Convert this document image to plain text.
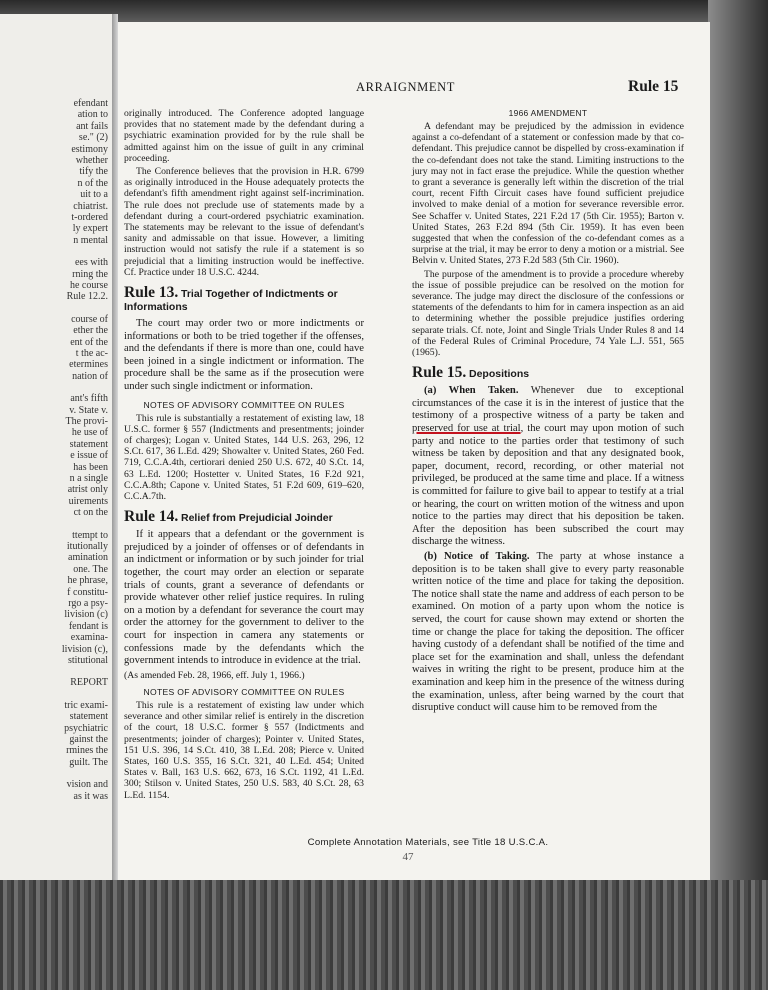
efendant
ation to
ant fails
se." (2)
estimony
whether
tify the
n of the
uit to a
chiatrist.
t-ordered
ly expert
n mental
ees with
rning the
he course
Rule 12.2.
course of
ether the
ent of the
t the ac-
etermines
nation of
ant's fifth
v. State v.
The provi-
he use of
statement
e issue of
has been
n a single
atrist only
uirements
ct on the
ttempt to
itutionally
amination
one. The
he phrase,
f constitu-
rgo a psy-
livision (c)
fendant is
examina-
livision (c),
stitutional
REPORT
tric exami-
statement
psychiatric
gainst the
rmines the
guilt. The
vision and
as it was
ARRAIGNMENT	Rule 15

originally introduced. The Conference adopted language provides that no statement made by the defendant during a psychiatric examination provided for by the rule shall be admitted against him on the issue of guilt in any criminal proceeding.

The Conference believes that the provision in H.R. 6799 as originally introduced in the House adequately protects the defendant's fifth amendment right against self-incrimination. The rule does not preclude use of statements made by a defendant during a court-ordered psychiatric examination. The statements may be relevant to the issue of defendant's sanity and admissable on that issue. However, a limiting instruction would not satisfy the rule if a statement is so prejudicial that a limiting instruction would be ineffective. Cf. Practice under 18 U.S.C. 4244.

Rule 13. Trial Together of Indictments or Informations

The court may order two or more indictments or informations or both to be tried together if the offenses, and the defendants if there is more than one, could have been joined in a single indictment or information. The procedure shall be the same as if the prosecution were under such single indictment or information.

NOTES OF ADVISORY COMMITTEE ON RULES

This rule is substantially a restatement of existing law, 18 U.S.C. former § 557 (Indictments and presentments; joinder of charges); Logan v. United States, 144 U.S. 263, 296, 12 S.Ct. 617, 36 L.Ed. 429; Showalter v. United States, 260 Fed. 719, C.C.A.4th, certiorari denied 250 U.S. 672, 40 S.Ct. 14, 63 L.Ed. 1200; Hostetter v. United States, 16 F.2d 921, C.C.A.8th; Capone v. United States, 51 F.2d 609, 619–620, C.C.A.7th.

Rule 14. Relief from Prejudicial Joinder

If it appears that a defendant or the government is prejudiced by a joinder of offenses or of defendants in an indictment or information or by such joinder for trial together, the court may order an election or separate trials of counts, grant a severance of defendants or provide whatever other relief justice requires. In ruling on a motion by a defendant for severance the court may order the attorney for the government to deliver to the court for inspection in camera any statements or confessions made by the defendants which the government intends to introduce in evidence at the trial.

(As amended Feb. 28, 1966, eff. July 1, 1966.)

NOTES OF ADVISORY COMMITTEE ON RULES

This rule is a restatement of existing law under which severance and other similar relief is entirely in the discretion of the court, 18 U.S.C. former § 557 (Indictments and presentments; joinder of charges); Pointer v. United States, 151 U.S. 396, 14 S.Ct. 410, 38 L.Ed. 208; Pierce v. United States, 160 U.S. 355, 16 S.Ct. 321, 40 L.Ed. 454; United States v. Ball, 163 U.S. 662, 673, 16 S.Ct. 1192, 41 L.Ed. 300; Stilson v. United States, 250 U.S. 583, 40 S.Ct. 28, 63 L.Ed. 1154.

1966 AMENDMENT

A defendant may be prejudiced by the admission in evidence against a co-defendant of a statement or confession made by that co-defendant. This prejudice cannot be dispelled by cross-examination if the co-defendant does not take the stand. Limiting instructions to the jury may not in fact erase the prejudice. While the question whether to grant a severance is generally left within the discretion of the trial court, recent Fifth Circuit cases have found sufficient prejudice involved to make denial of a motion for severance reversible error. See Schaffer v. United States, 221 F.2d 17 (5th Cir. 1955); Barton v. United States, 263 F.2d 894 (5th Cir. 1959). It has even been suggested that when the confession of the co-defendant comes as a surprise at the trial, it may be error to deny a motion or a mistrial. See Belvin v. United States, 273 F.2d 583 (5th Cir. 1960).

The purpose of the amendment is to provide a procedure whereby the issue of possible prejudice can be resolved on the motion for severance. The judge may direct the disclosure of the confessions or statements of the defendants to him for in camera inspection as an aid to determining whether the possible prejudice justifies ordering separate trials. Cf. note, Joint and Single Trials Under Rules 8 and 14 of the Federal Rules of Criminal Procedure, 74 Yale L.J. 551, 565 (1965).

Rule 15. Depositions

(a) When Taken. Whenever due to exceptional circumstances of the case it is in the interest of justice that the testimony of a prospective witness of a party be taken and preserved for use at trial, the court may upon motion of such party and notice to the parties order that testimony of such witness be taken by deposition and that any designated book, paper, document, record, recording, or other material not privileged, be produced at the same time and place. If a witness is committed for failure to give bail to appear to testify at a trial or hearing, the court on written motion of the witness and upon notice to the parties may direct that his deposition be taken. After the deposition has been subscribed the court may discharge the witness.

(b) Notice of Taking. The party at whose instance a deposition is to be taken shall give to every party reasonable written notice of the time and place for taking the deposition. The notice shall state the name and address of each person to be examined. On motion of a party upon whom the notice is served, the court for cause shown may extend or shorten the time or change the place for taking the deposition. The officer having custody of a defendant shall be notified of the time and place set for the examination and shall, unless the defendant waives in writing the right to be present, produce him at the examination and keep him in the presence of the witness during the examination, unless, after being warned by the court that disruptive conduct will cause him to be removed from the

Complete Annotation Materials, see Title 18 U.S.C.A.
47
